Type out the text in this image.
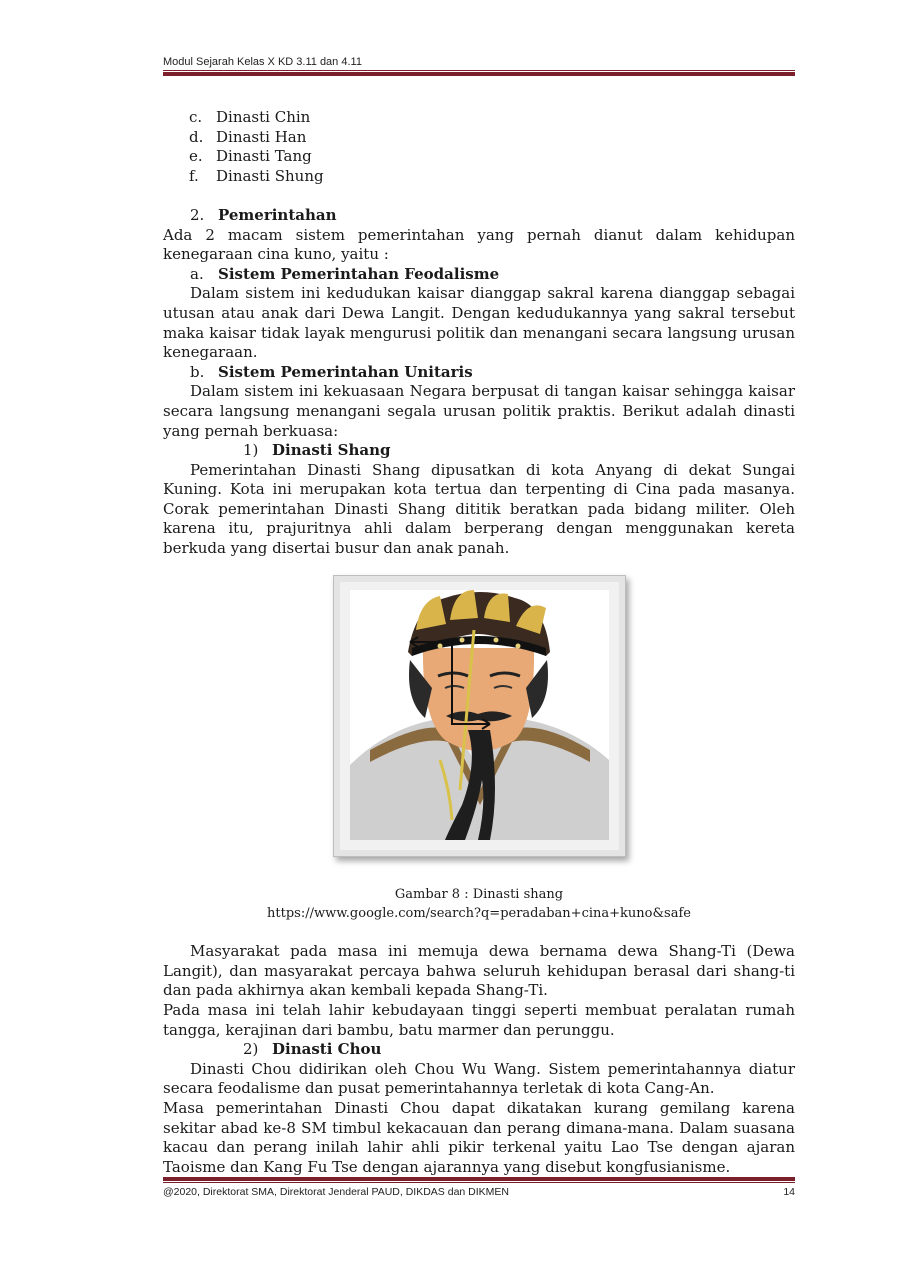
Modul Sejarah Kelas X KD 3.11 dan 4.11
c. Dinasti Chin
d. Dinasti Han
e. Dinasti Tang
f.	Dinasti Shung
2. Pemerintahan

Ada 2 macam sistem pemerintahan yang pernah dianut dalam kehidupan kenegaraan cina kuno, yaitu :

a. Sistem Pemerintahan Feodalisme

Dalam sistem ini kedudukan kaisar dianggap sakral karena dianggap sebagai utusan atau anak dari Dewa Langit. Dengan kedudukannya yang sakral tersebut maka kaisar tidak layak mengurusi politik dan menangani secara langsung urusan kenegaraan.

b. Sistem Pemerintahan Unitaris

Dalam sistem ini kekuasaan Negara berpusat di tangan kaisar sehingga kaisar secara langsung menangani segala urusan politik praktis. Berikut adalah dinasti yang pernah berkuasa:

1) Dinasti Shang

Pemerintahan Dinasti Shang dipusatkan di kota Anyang di dekat Sungai Kuning. Kota ini merupakan kota tertua dan terpenting di Cina pada masanya. Corak pemerintahan Dinasti Shang dititik beratkan pada bidang militer. Oleh karena itu, prajuritnya ahli dalam berperang dengan menggunakan kereta berkuda yang disertai busur dan anak panah.

Gambar 8 : Dinasti shang
https://www.google.com/search?q=peradaban+cina+kuno&safe

Masyarakat pada masa ini memuja dewa bernama dewa Shang-Ti (Dewa Langit), dan masyarakat percaya bahwa seluruh kehidupan berasal dari shang-ti dan pada akhirnya akan kembali kepada Shang-Ti.

Pada masa ini telah lahir kebudayaan tinggi seperti membuat peralatan rumah tangga, kerajinan dari bambu, batu marmer dan perunggu.

2) Dinasti Chou

Dinasti Chou didirikan oleh Chou Wu Wang. Sistem pemerintahannya diatur secara feodalisme dan pusat pemerintahannya terletak di kota Cang-An.

Masa pemerintahan Dinasti Chou dapat dikatakan kurang gemilang karena sekitar abad ke-8 SM timbul kekacauan dan perang dimana-mana. Dalam suasana kacau dan perang inilah lahir ahli pikir terkenal yaitu Lao Tse dengan ajaran Taoisme dan Kang Fu Tse dengan ajarannya yang disebut kongfusianisme.

@2020, Direktorat SMA, Direktorat Jenderal PAUD, DIKDAS dan DIKMEN	14
